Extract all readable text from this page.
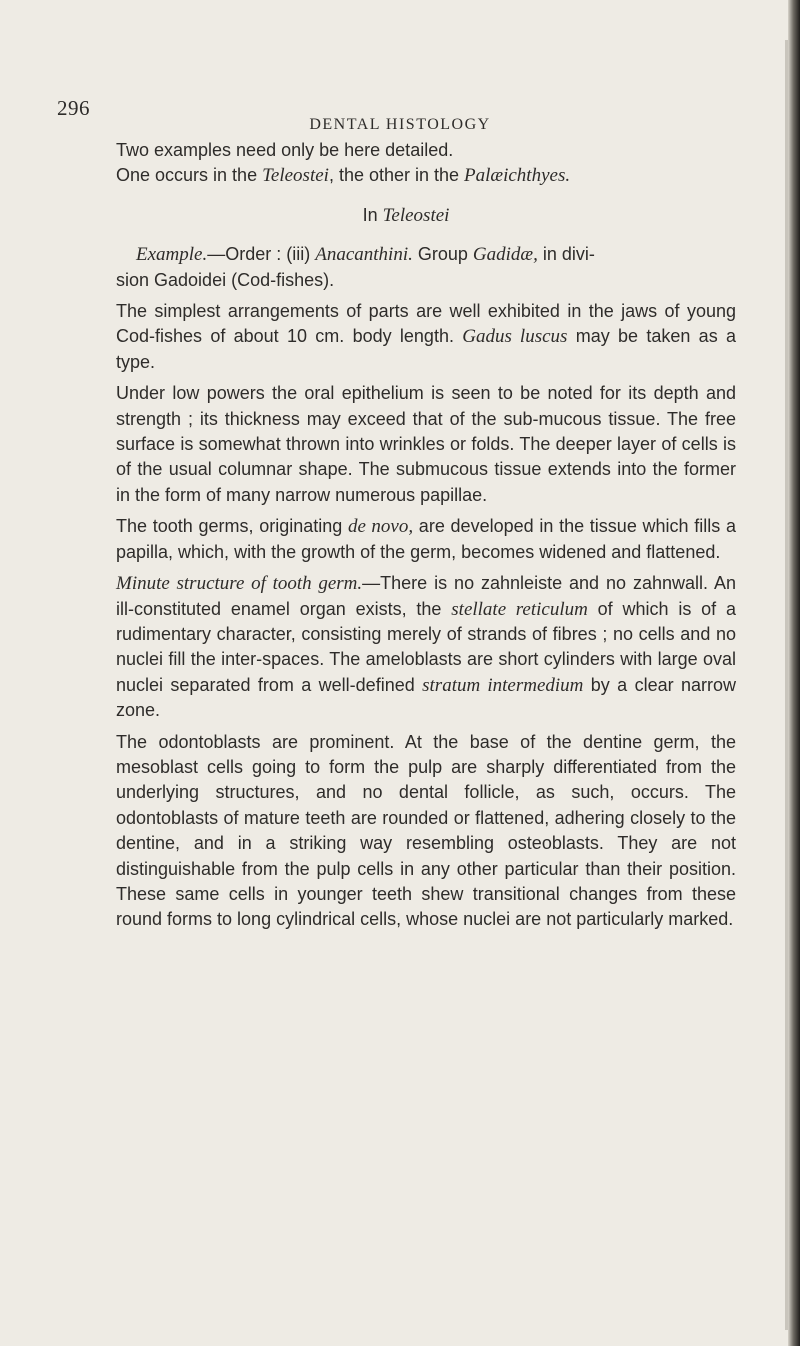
296
DENTAL HISTOLOGY

Two examples need only be here detailed.
One occurs in the Teleostei, the other in the Palæichthyes.

In Teleostei

Example.—Order : (iii) Anacanthini. Group Gadidæ, in divi-
sion Gadoidei (Cod-fishes).

The simplest arrangements of parts are well exhibited in the jaws of young Cod-fishes of about 10 cm. body length. Gadus luscus may be taken as a type.

Under low powers the oral epithelium is seen to be noted for its depth and strength ; its thickness may exceed that of the sub-mucous tissue. The free surface is somewhat thrown into wrinkles or folds. The deeper layer of cells is of the usual columnar shape. The submucous tissue extends into the former in the form of many narrow numerous papillae.

The tooth germs, originating de novo, are developed in the tissue which fills a papilla, which, with the growth of the germ, becomes widened and flattened.

Minute structure of tooth germ.—There is no zahnleiste and no zahnwall. An ill-constituted enamel organ exists, the stellate reticulum of which is of a rudimentary character, consisting merely of strands of fibres ; no cells and no nuclei fill the inter-spaces. The ameloblasts are short cylinders with large oval nuclei separated from a well-defined stratum intermedium by a clear narrow zone.

The odontoblasts are prominent. At the base of the dentine germ, the mesoblast cells going to form the pulp are sharply differentiated from the underlying structures, and no dental follicle, as such, occurs. The odontoblasts of mature teeth are rounded or flattened, adhering closely to the dentine, and in a striking way resembling osteoblasts. They are not distinguishable from the pulp cells in any other particular than their position. These same cells in younger teeth shew transitional changes from these round forms to long cylindrical cells, whose nuclei are not particularly marked.
